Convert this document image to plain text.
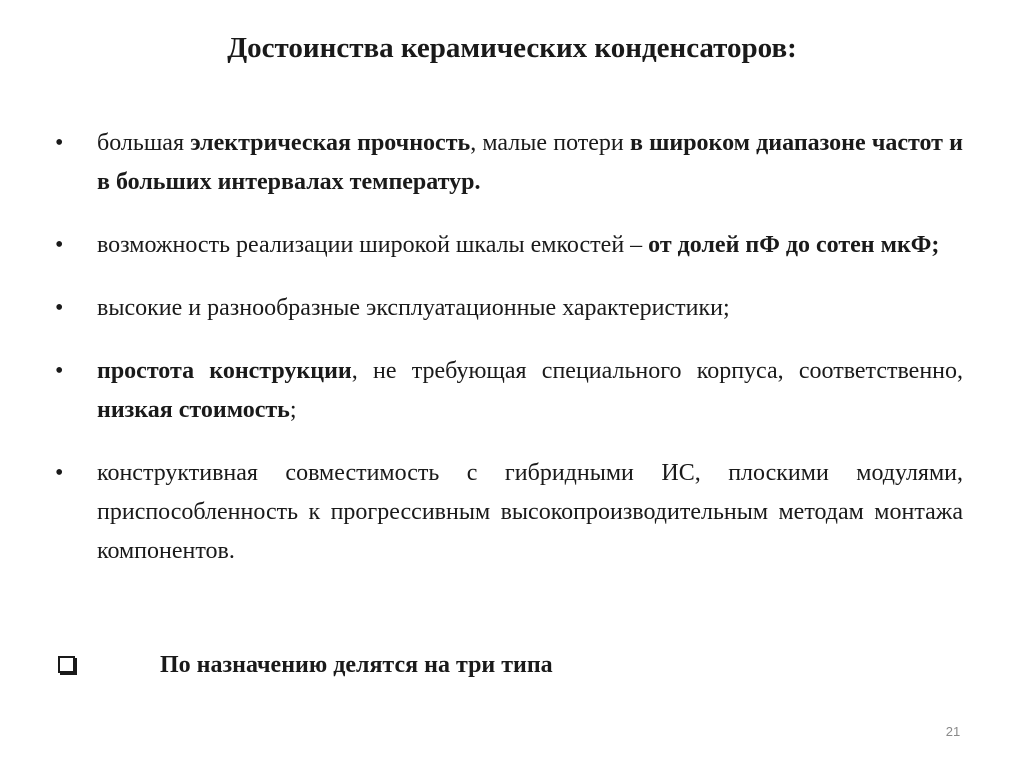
Достоинства керамических конденсаторов:
•	большая электрическая прочность, малые потери в широком диапазоне частот и в больших интервалах температур.
•	возможность реализации широкой шкалы емкостей – от долей пФ до сотен мкФ;
•	высокие и разнообразные эксплуатационные характеристики;
•	простота конструкции, не требующая специального корпуса, соответственно, низкая стоимость;
•	конструктивная совместимость с гибридными ИС, плоскими модулями, приспособленность к прогрессивным высокопроизводительным методам монтажа компонентов.
По назначению делятся на три типа
21
